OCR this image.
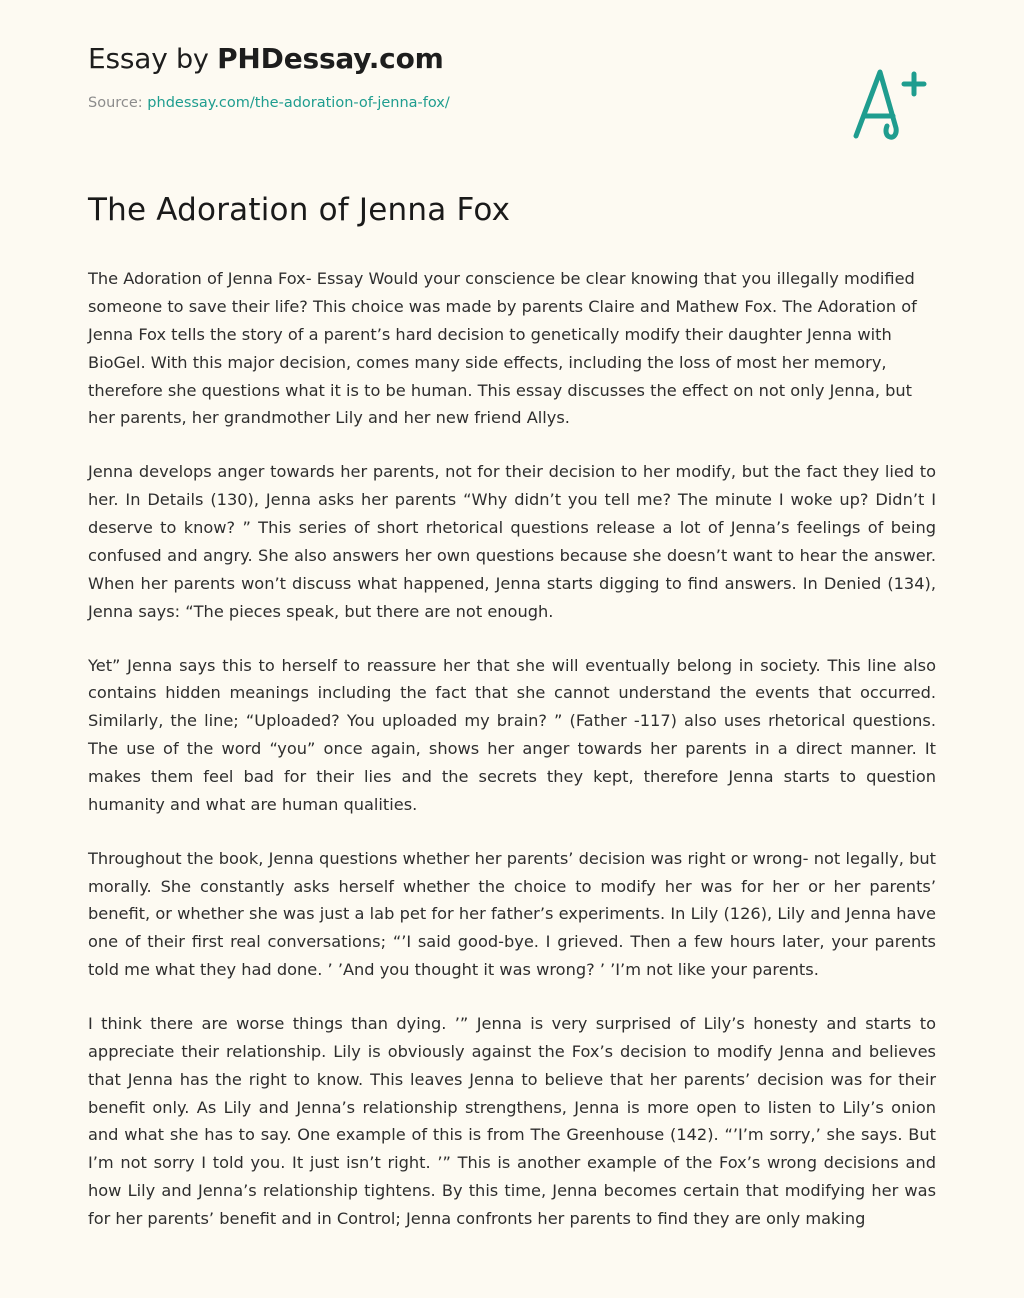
Essay by PHDessay.com
Source: phdessay.com/the-adoration-of-jenna-fox/
The Adoration of Jenna Fox

The Adoration of Jenna Fox- Essay Would your conscience be clear knowing that you illegally modified someone to save their life? This choice was made by parents Claire and Mathew Fox. The Adoration of Jenna Fox tells the story of a parent’s hard decision to genetically modify their daughter Jenna with BioGel. With this major decision, comes many side effects, including the loss of most her memory, therefore she questions what it is to be human. This essay discusses the effect on not only Jenna, but her parents, her grandmother Lily and her new friend Allys.

Jenna develops anger towards her parents, not for their decision to her modify, but the fact they lied to her. In Details (130), Jenna asks her parents “Why didn’t you tell me? The minute I woke up? Didn’t I deserve to know? ” This series of short rhetorical questions release a lot of Jenna’s feelings of being confused and angry. She also answers her own questions because she doesn’t want to hear the answer. When her parents won’t discuss what happened, Jenna starts digging to find answers. In Denied (134), Jenna says: “The pieces speak, but there are not enough.

Yet” Jenna says this to herself to reassure her that she will eventually belong in society. This line also contains hidden meanings including the fact that she cannot understand the events that occurred. Similarly, the line; “Uploaded? You uploaded my brain? ” (Father -117) also uses rhetorical questions. The use of the word “you” once again, shows her anger towards her parents in a direct manner. It makes them feel bad for their lies and the secrets they kept, therefore Jenna starts to question humanity and what are human qualities.

Throughout the book, Jenna questions whether her parents’ decision was right or wrong- not legally, but morally. She constantly asks herself whether the choice to modify her was for her or her parents’ benefit, or whether she was just a lab pet for her father’s experiments. In Lily (126), Lily and Jenna have one of their first real conversations; “’I said good-bye. I grieved. Then a few hours later, your parents told me what they had done. ’ ’And you thought it was wrong? ’ ’I’m not like your parents.

I think there are worse things than dying. ’” Jenna is very surprised of Lily’s honesty and starts to appreciate their relationship. Lily is obviously against the Fox’s decision to modify Jenna and believes that Jenna has the right to know. This leaves Jenna to believe that her parents’ decision was for their benefit only. As Lily and Jenna’s relationship strengthens, Jenna is more open to listen to Lily’s onion and what she has to say. One example of this is from The Greenhouse (142). “’I’m sorry,’ she says. But I’m not sorry I told you. It just isn’t right. ’” This is another example of the Fox’s wrong decisions and how Lily and Jenna’s relationship tightens. By this time, Jenna becomes certain that modifying her was for her parents’ benefit and in Control; Jenna confronts her parents to find they are only making
